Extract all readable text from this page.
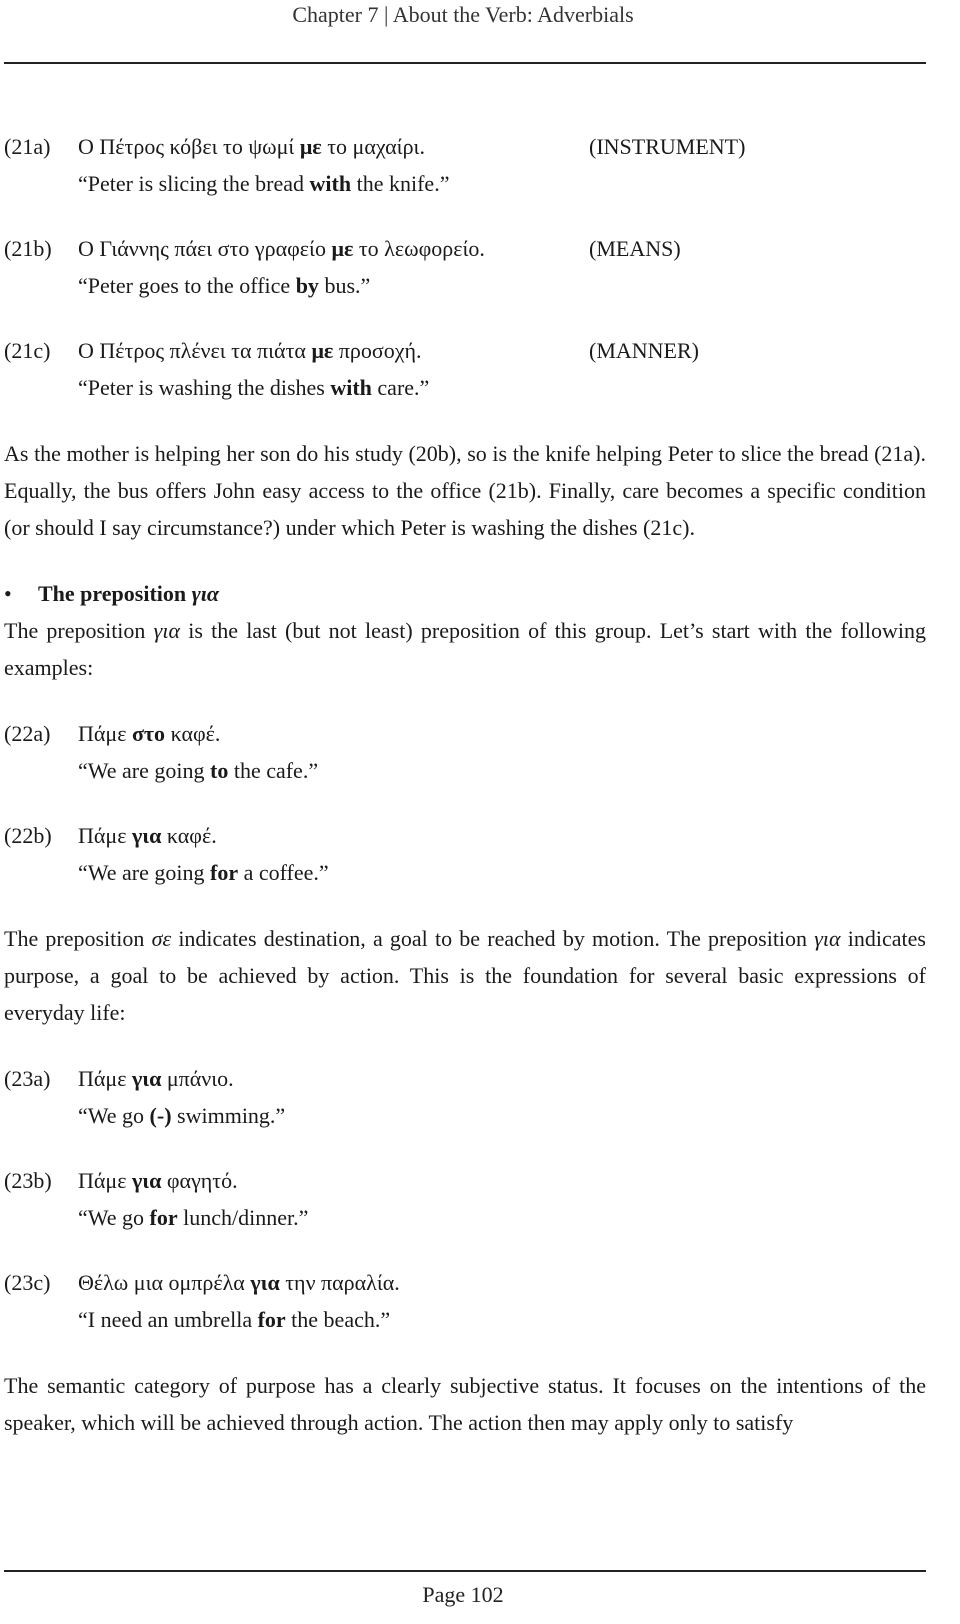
Chapter 7 | About the Verb: Adverbials
(21a) Ο Πέτρος κόβει το ψωμί με το μαχαίρι.	(INSTRUMENT)
“Peter is slicing the bread with the knife.”
(21b) Ο Γιάννης πάει στο γραφείο με το λεωφορείο.	(MEANS)
“Peter goes to the office by bus.”
(21c) Ο Πέτρος πλένει τα πιάτα με προσοχή.	(MANNER)
“Peter is washing the dishes with care.”

As the mother is helping her son do his study (20b), so is the knife helping Peter to slice the bread (21a). Equally, the bus offers John easy access to the office (21b). Finally, care becomes a specific condition (or should I say circumstance?) under which Peter is washing the dishes (21c).

• The preposition για

The preposition για is the last (but not least) preposition of this group. Let’s start with the following examples:

(22a) Πάμε στο καφέ.
“We are going to the cafe.”
(22b) Πάμε για καφέ.
“We are going for a coffee.”

The preposition σε indicates destination, a goal to be reached by motion. The preposition για indicates purpose, a goal to be achieved by action. This is the foundation for several basic expressions of everyday life:

(23a) Πάμε για μπάνιο.
“We go (-) swimming.”
(23b) Πάμε για φαγητό.
“We go for lunch/dinner.”
(23c) Θέλω μια ομπρέλα για την παραλία.
“I need an umbrella for the beach.”

The semantic category of purpose has a clearly subjective status. It focuses on the intentions of the speaker, which will be achieved through action. The action then may apply only to satisfy

Page 102
